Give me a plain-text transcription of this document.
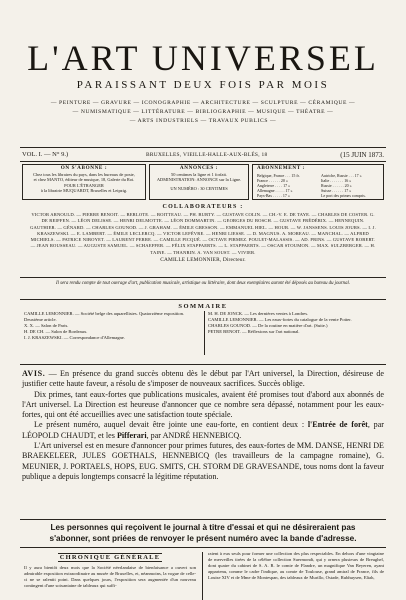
L'ART UNIVERSEL
PARAISSANT DEUX FOIS PAR MOIS
— PEINTURE — GRAVURE — ICONOGRAPHIE — ARCHITECTURE — SCULPTURE — CÉRAMIQUE —
— NUMISMATIQUE — LITTÉRATURE — BIBLIOGRAPHIE — MUSIQUE — THÉATRE —
— ARTS INDUSTRIELS — TRAVAUX PUBLICS —
VOL. I. — N° 9.)	BRUXELLES, VIEILLE-HALLE-AUX-BLÉS, 18	(15 JUIN 1873.
ON S'ABONNE :
Chez tous les libraires du pays, dans les bureaux de poste,
et chez MANTO, éditeur de musique, 18, Galerie du Roi.
POUR L'ÉTRANGER
à la librairie MUQUARDT, Bruxelles et Leipzig.
ANNONCES :
50 centimes la ligne et 1 forfait.
ADMINISTRATION: ANNONCE sur la Ligne.
UN NUMÉRO : 30 CENTIMES
ABONNEMENT :
Belgique, France . . . 15 fr.
France . . . . . . 20 »
Angleterre . . . . 17 »
Allemagne . . . . . 17 »
Pays-Bas . . . . . 17 »
Autriche, Russie . . . 17 »
Italie . . . . . . . 16 »
Russie . . . . . . 20 »
Suisse . . . . . . 17 »
Le port des primes compris.
COLLABORATEURS :
VICTOR ARNOULD. — PIERRE BENOIT. — BERLOTE. — BOITTEAU. — PH. BURTY. — GUSTAVE COLIN. — CH.-V. E. DE TAYE. — CHARLES DE COSTER. G. DE REIFFEN. — LÉON DELISSE. — HENRI DELMOTTE. — LÉON DOMMARTIN. — GEORGES DU BOSCH. — GUSTAVE FRÉDÉRIX. — HENNEQUIN. GAUTHIER. — GÉNARD. — CHARLES GOUNOD. — J. GRAHAM. — ÉMILE GRESSON. — EMMANUEL HIEL. — HOUR. — W. JANSSENS. LOUIS JOURS. — I. J. KRASZEWSKI. — E. LAMBERT. — ÉMILE LECLERCQ. — VICTOR LEFÈVRE. — HENRI LIESSE. — D. MAGNUS. A. MOREAU. — MANCHAL. — ALFRED MICHIELS. — PATRICE NIBOYET. — LAURENT PERRE. — CAMILLE PICQUÉ. — OCTAVE PIRMEZ. POULET-MALASSIS. — AD. PRINS. — GUSTAVE ROBERT. — JEAN ROUSSEAU. — AUGUSTE SAMUEL. — SCHAEFFER. — FÉLIX STAPPAERTS. — L. STAPPAERTS. — OSCAR STOUMON. — MAX. SULZBERGER. — H. TAINE. — THANRIN. A. VAN SOUST. — VIVIER.
CAMILLE LEMONNIER, Directeur.
Il sera rendu compte de tout ouvrage d'art, publication musicale, artistique ou littéraire, dont deux exemplaires auront été déposés au bureau du journal.
SOMMAIRE
CAMILLE LEMONNIER. — Société belge des aquarellistes. Quatorzième exposition. Deuxième article.
X. X. — Salon de Paris.
H. DE CH. — Salon de Bordeaux.
I. J. KRASZEWSKI. — Correspondance d'Allemagne.
M. H. DE JONCK. — Les dernières ventes à Londres.
CAMILLE LEMONNIER. — Les eaux-fortes du catalogue de la vente Potter.
CHARLES GOUNOD. — De la routine en matière d'art. (Suite.)
PETRE BENOIT. — Réflexions sur l'art national.

AVIS. — En présence du grand succès obtenu dès le début par l'Art universel, la Direction, désireuse de justifier cette haute faveur, a résolu de s'imposer de nouveaux sacrifices. Succès oblige.

Dix primes, tant eaux-fortes que publications musicales, avaient été promises tout d'abord aux abonnés de l'Art universel. La Direction est heureuse d'annoncer que ce nombre sera dépassé, notamment pour les eaux-fortes, qui ont été accueillies avec une satisfaction toute spéciale.

Le présent numéro, auquel devait être jointe une eau-forte, en contient deux : l'Entrée de forêt, par LÉOPOLD CHAUDT, et les Pifferari, par ANDRÉ HENNEBICQ.

L'Art universel est en mesure d'annoncer pour primes futures, des eaux-fortes de MM. DANSE, HENRI DE BRAEKELEER, JULES GOETHALS, HENNEBICQ (les travailleurs de la campagne romaine), G. MEUNIER, J. PORTAELS, HOPS, EUG. SMITS, CH. STORM DE GRAVESANDE, tous noms dont la faveur publique a depuis longtemps consacré la légitime réputation.

Les personnes qui reçoivent le journal à titre d'essai et qui ne désireraient pas
s'abonner, sont priées de renvoyer le présent numéro avec la bande d'adresse.
CHRONIQUE GÉNÉRALE
Il y aura bientôt deux mois que la Société néerlandaise de bienfaisance a ouvert son admirable exposition extraordinaire au musée de Bruxelles, et, néanmoins, la vogue de celle-ci ne se ralentit point. Dans quelques jours, l'exposition sera augmentée d'un nouveau contingent d'une soixantaine de tableaux qui suffi-
raient à eux seuls pour former une collection des plus respectables. En dehors d'une vingtaine de merveilles tirées de la célèbre collection Suermondt, qui y ornera plusieurs de Breughel, dont quatre du cabinet de S. A. R. le comte de Flandre, un magnifique Van Beyeren, ayant appartenu, comme le cadre l'indique, au comte de Toulouse, grand amiral de France, fils de Louise XIV et de Mme de Montespan, des tableaux de Murillo, Ostade, Rubhuysen, Eliah,
